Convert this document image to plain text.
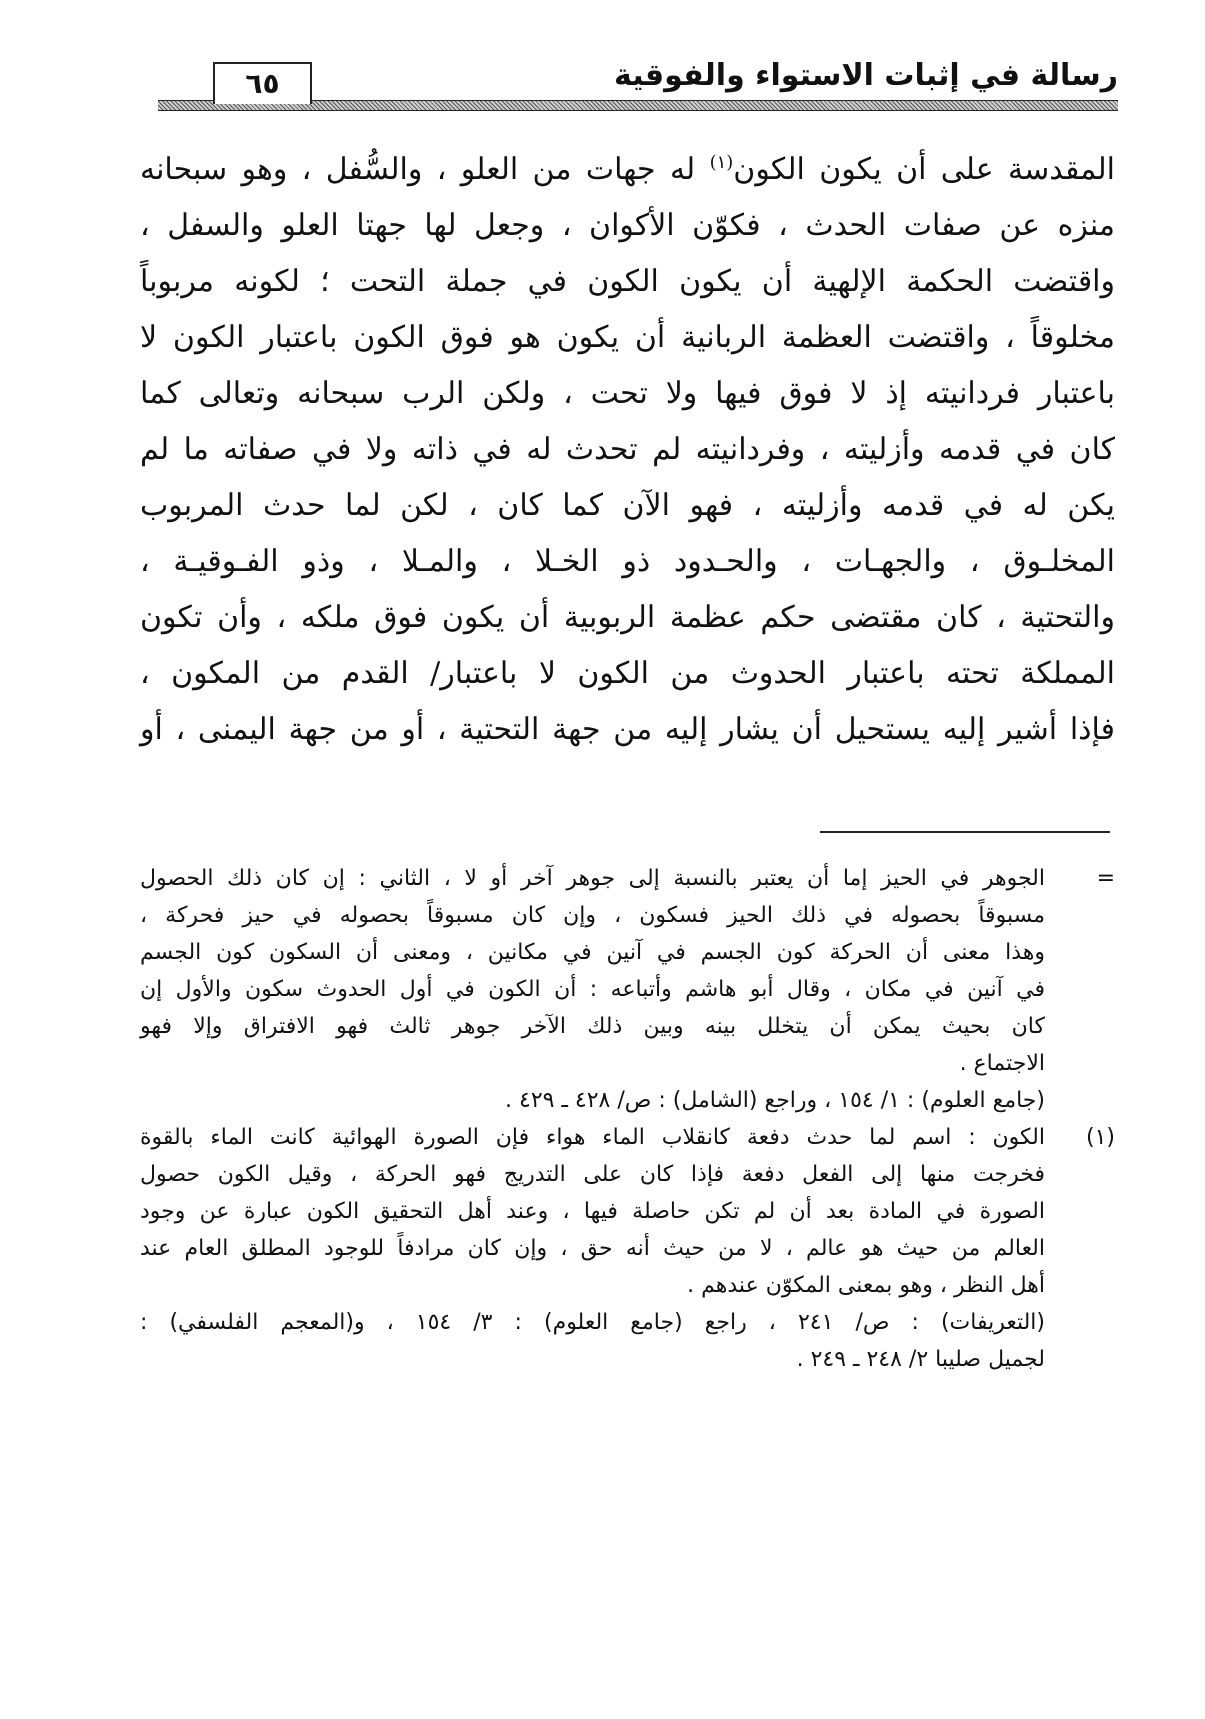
رسالة في إثبات الاستواء والفوقية
٦٥
المقدسة على أن يكون الكون$^{(١)}$ له جهات من العلو ، والسُّفل ، وهو سبحانه
منزه عن صفات الحدث ، فكوّن الأكوان ، وجعل لها جهتا العلو والسفل ،
واقتضت الحكمة الإلهية أن يكون الكون في جملة التحت ؛ لكونه مربوباً
مخلوقاً ، واقتضت العظمة الربانية أن يكون هو فوق الكون باعتبار الكون لا
باعتبار فردانيته إذ لا فوق فيها ولا تحت ، ولكن الرب سبحانه وتعالى كما
كان في قدمه وأزليته ، وفردانيته لم تحدث له في ذاته ولا في صفاته ما لم
يكن له في قدمه وأزليته ، فهو الآن كما كان ، لكن لما حدث المربوب
المخلـوق ، والجهـات ، والحـدود ذو الخـلا ، والمـلا ، وذو الفـوقيـة ،
والتحتية ، كان مقتضى حكم عظمة الربوبية أن يكون فوق ملكه ، وأن تكون
المملكة تحته باعتبار الحدوث من الكون لا باعتبار/ القدم من المكون ،
فإذا أشير إليه يستحيل أن يشار إليه من جهة التحتية ، أو من جهة اليمنى ، أو
=
الجوهر في الحيز إما أن يعتبر بالنسبة إلى جوهر آخر أو لا ، الثاني : إن كان ذلك الحصول
مسبوقاً بحصوله في ذلك الحيز فسكون ، وإن كان مسبوقاً بحصوله في حيز فحركة ،
وهذا معنى أن الحركة كون الجسم في آنين في مكانين ، ومعنى أن السكون كون الجسم
في آنين في مكان ، وقال أبو هاشم وأتباعه : أن الكون في أول الحدوث سكون والأول إن
كان بحيث يمكن أن يتخلل بينه وبين ذلك الآخر جوهر ثالث فهو الافتراق وإلا فهو
الاجتماع .
(جامع العلوم) : ١/ ١٥٤ ، وراجع (الشامل) : ص/ ٤٢٨ ـ ٤٢٩ .
(١)
الكون : اسم لما حدث دفعة كانقلاب الماء هواء فإن الصورة الهوائية كانت الماء بالقوة
فخرجت منها إلى الفعل دفعة فإذا كان على التدريج فهو الحركة ، وقيل الكون حصول
الصورة في المادة بعد أن لم تكن حاصلة فيها ، وعند أهل التحقيق الكون عبارة عن وجود
العالم من حيث هو عالم ، لا من حيث أنه حق ، وإن كان مرادفاً للوجود المطلق العام عند
أهل النظر ، وهو بمعنى المكوّن عندهم .
(التعريفات) : ص/ ٢٤١ ، راجع (جامع العلوم) : ٣/ ١٥٤ ، و(المعجم الفلسفي) :
لجميل صليبا ٢/ ٢٤٨ ـ ٢٤٩ .
